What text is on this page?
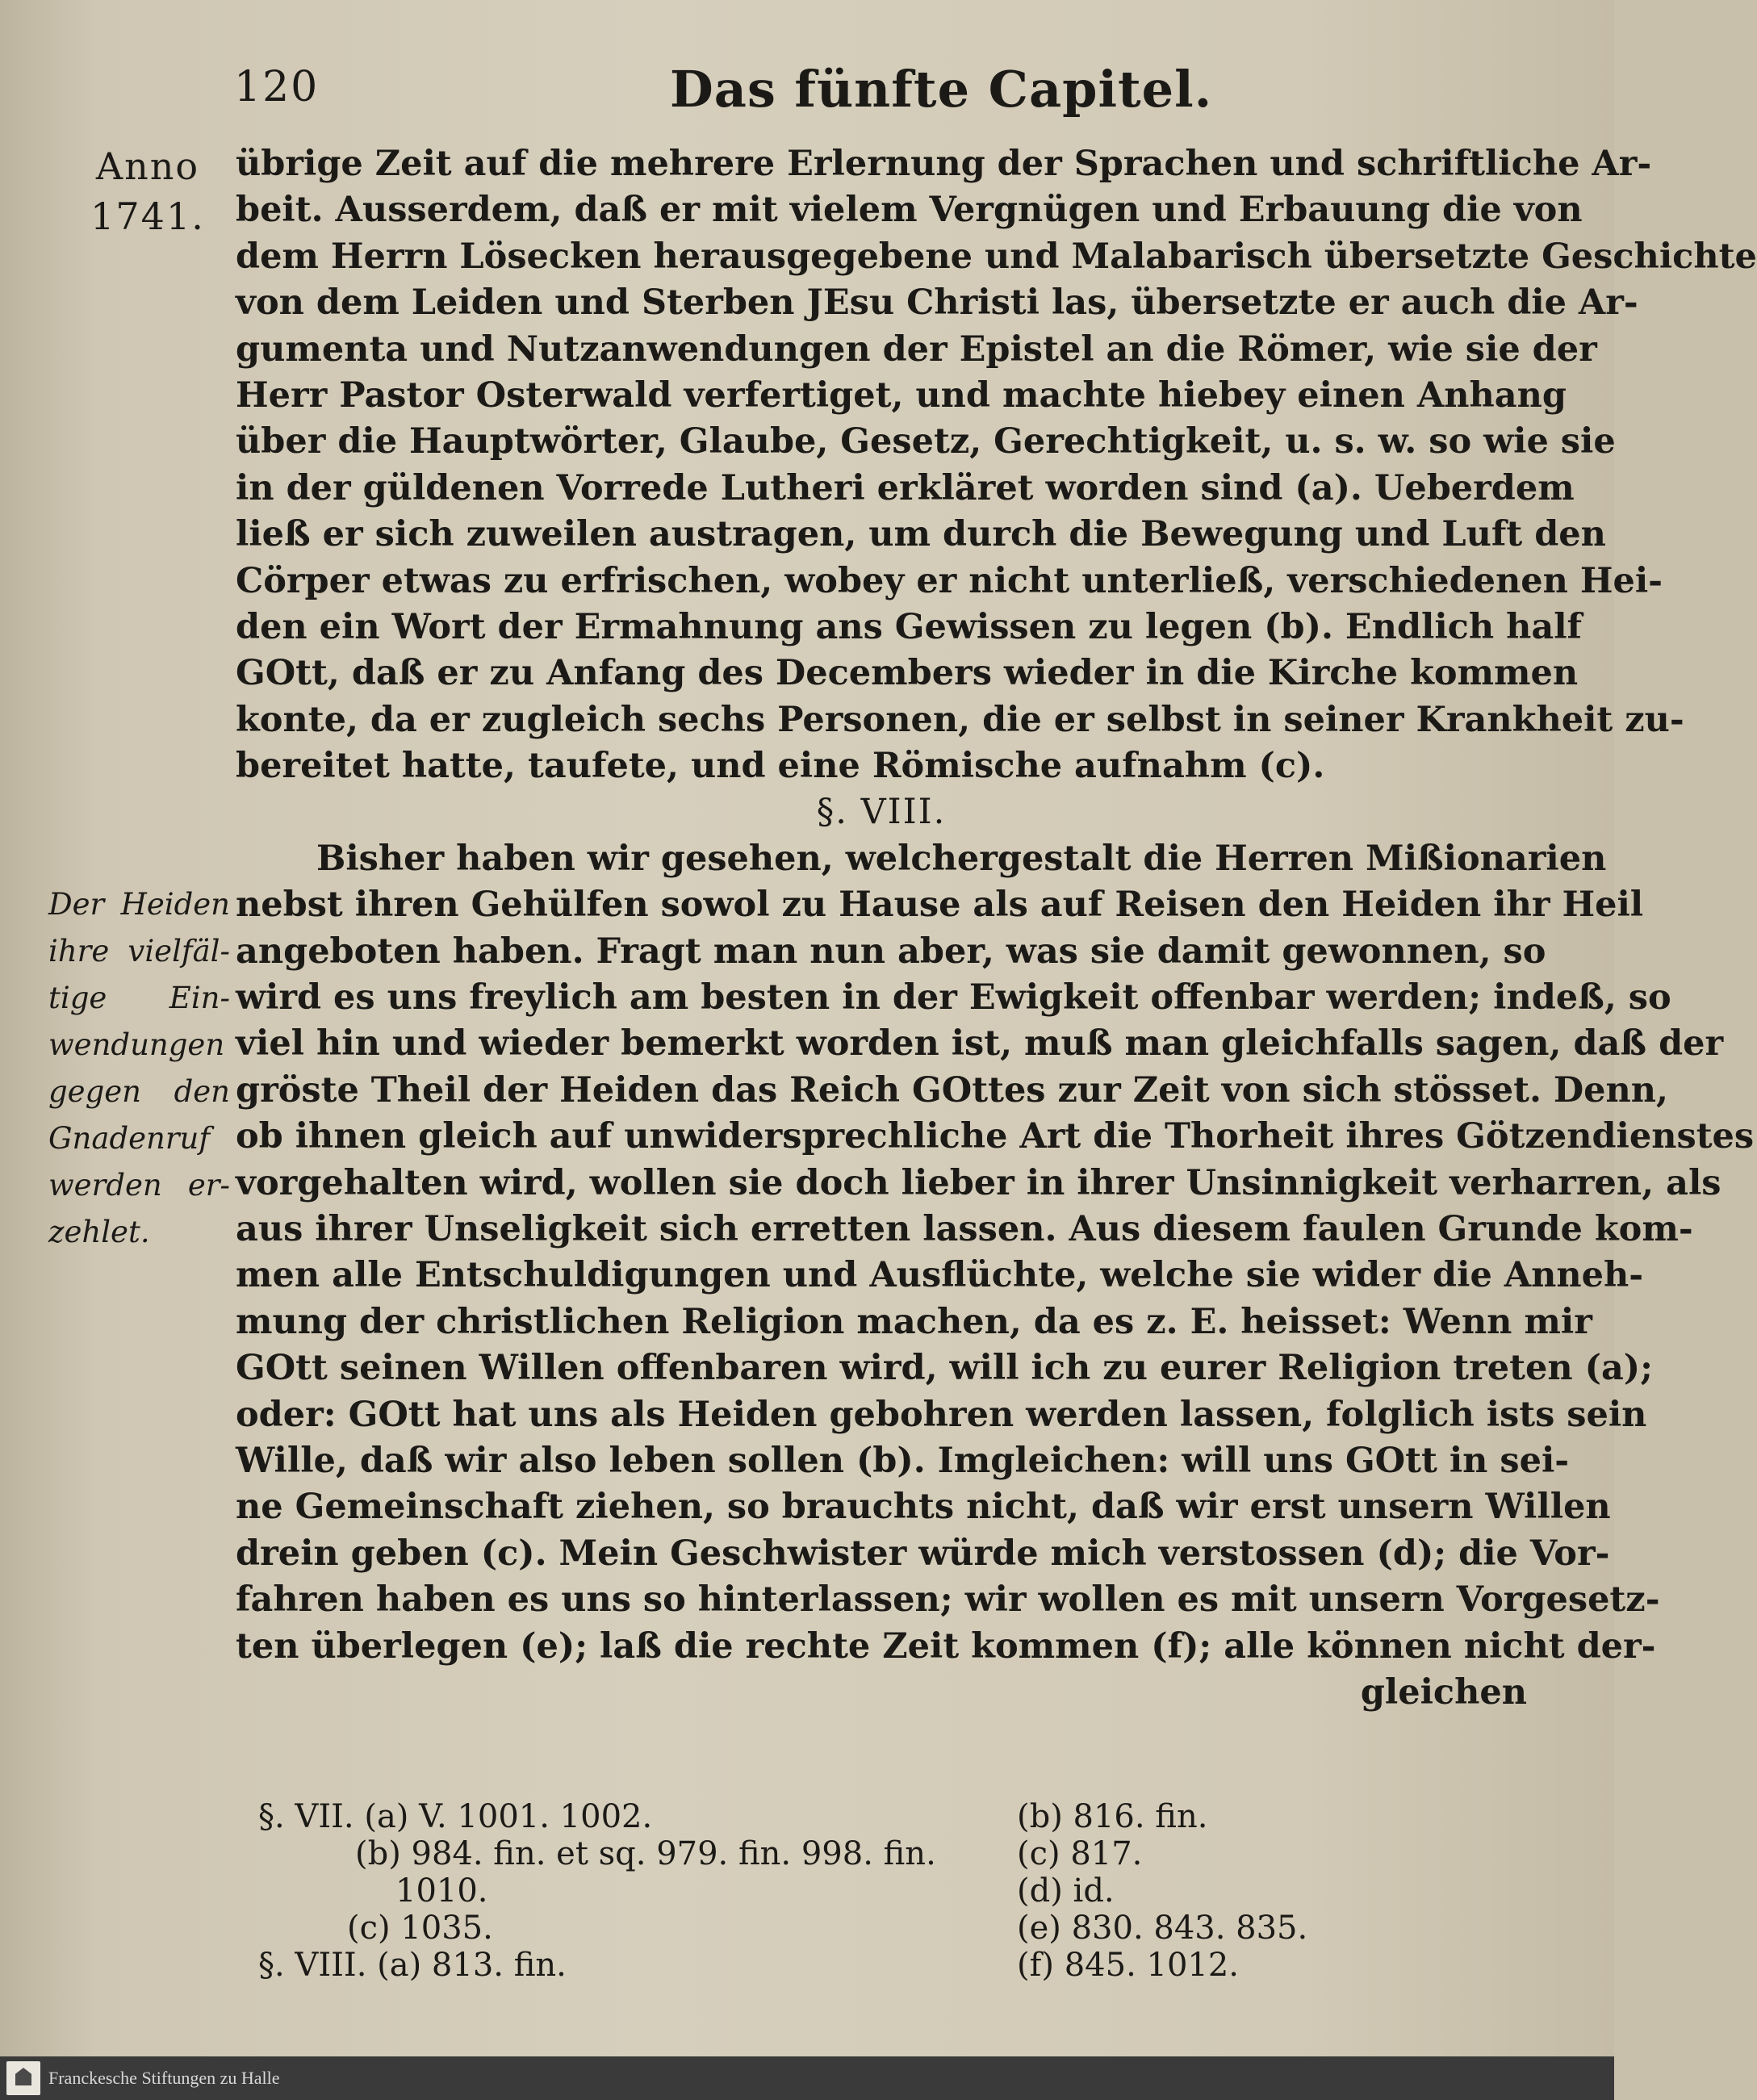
120	Das fünfte Capitel.
Anno
1741.
Der Heiden
ihre vielfäl-
tige Ein-
wendungen
gegen den
Gnadenruf
werden er-
zehlet.
übrige Zeit auf die mehrere Erlernung der Sprachen und schriftliche Ar-
beit. Ausserdem, daß er mit vielem Vergnügen und Erbauung die von
dem Herrn Lösecken herausgegebene und Malabarisch übersetzte Geschichte
von dem Leiden und Sterben JEsu Christi las, übersetzte er auch die Ar-
gumenta und Nutzanwendungen der Epistel an die Römer, wie sie der
Herr Pastor Osterwald verfertiget, und machte hiebey einen Anhang
über die Hauptwörter, Glaube, Gesetz, Gerechtigkeit, u. s. w. so wie sie
in der güldenen Vorrede Lutheri erkläret worden sind (a). Ueberdem
ließ er sich zuweilen austragen, um durch die Bewegung und Luft den
Cörper etwas zu erfrischen, wobey er nicht unterließ, verschiedenen Hei-
den ein Wort der Ermahnung ans Gewissen zu legen (b). Endlich half
GOtt, daß er zu Anfang des Decembers wieder in die Kirche kommen
konte, da er zugleich sechs Personen, die er selbst in seiner Krankheit zu-
bereitet hatte, taufete, und eine Römische aufnahm (c).
§. VIII.
Bisher haben wir gesehen, welchergestalt die Herren Mißionarien
nebst ihren Gehülfen sowol zu Hause als auf Reisen den Heiden ihr Heil
angeboten haben. Fragt man nun aber, was sie damit gewonnen, so
wird es uns freylich am besten in der Ewigkeit offenbar werden; indeß, so
viel hin und wieder bemerkt worden ist, muß man gleichfalls sagen, daß der
gröste Theil der Heiden das Reich GOttes zur Zeit von sich stösset. Denn,
ob ihnen gleich auf unwidersprechliche Art die Thorheit ihres Götzendienstes
vorgehalten wird, wollen sie doch lieber in ihrer Unsinnigkeit verharren, als
aus ihrer Unseligkeit sich erretten lassen. Aus diesem faulen Grunde kom-
men alle Entschuldigungen und Ausflüchte, welche sie wider die Anneh-
mung der christlichen Religion machen, da es z. E. heisset: Wenn mir
GOtt seinen Willen offenbaren wird, will ich zu eurer Religion treten (a);
oder: GOtt hat uns als Heiden gebohren werden lassen, folglich ists sein
Wille, daß wir also leben sollen (b). Imgleichen: will uns GOtt in sei-
ne Gemeinschaft ziehen, so brauchts nicht, daß wir erst unsern Willen
drein geben (c). Mein Geschwister würde mich verstossen (d); die Vor-
fahren haben es uns so hinterlassen; wir wollen es mit unsern Vorgesetz-
ten überlegen (e); laß die rechte Zeit kommen (f); alle können nicht der-
gleichen
§. VII. (a) V. 1001. 1002.
(b) 984. fin. et sq. 979. fin. 998. fin.
1010.
(c) 1035.
§. VIII. (a) 813. fin.
(b) 816. fin.
(c) 817.
(d) id.
(e) 830. 843. 835.
(f) 845. 1012.
Franckesche Stiftungen zu Halle
